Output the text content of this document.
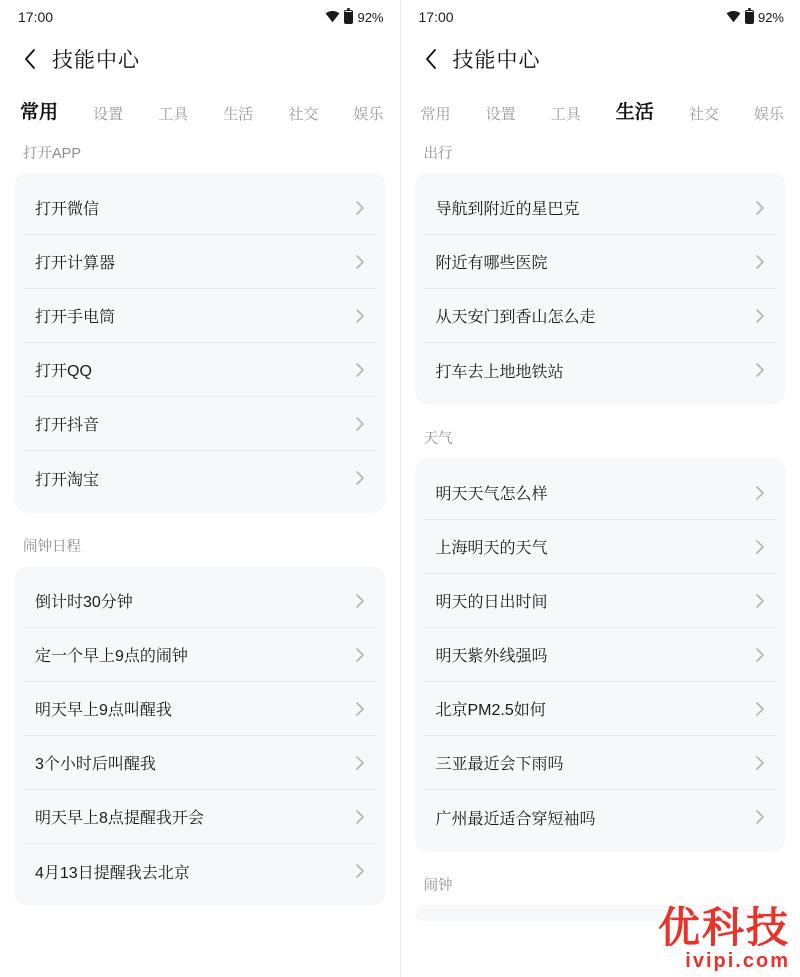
17:00	92%
技能中心
常用 设置 工具 生活 社交 娱乐
打开APP
打开微信
打开计算器
打开手电筒
打开QQ
打开抖音
打开淘宝
闹钟日程
倒计时30分钟
定一个早上9点的闹钟
明天早上9点叫醒我
3个小时后叫醒我
明天早上8点提醒我开会
4月13日提醒我去北京
17:00	92%
技能中心
常用 设置 工具 生活 社交 娱乐
出行
导航到附近的星巴克
附近有哪些医院
从天安门到香山怎么走
打车去上地地铁站
天气
明天天气怎么样
上海明天的天气
明天的日出时间
明天紫外线强吗
北京PM2.5如何
三亚最近会下雨吗
广州最近适合穿短袖吗
闹钟
优科技
ivipi.com
